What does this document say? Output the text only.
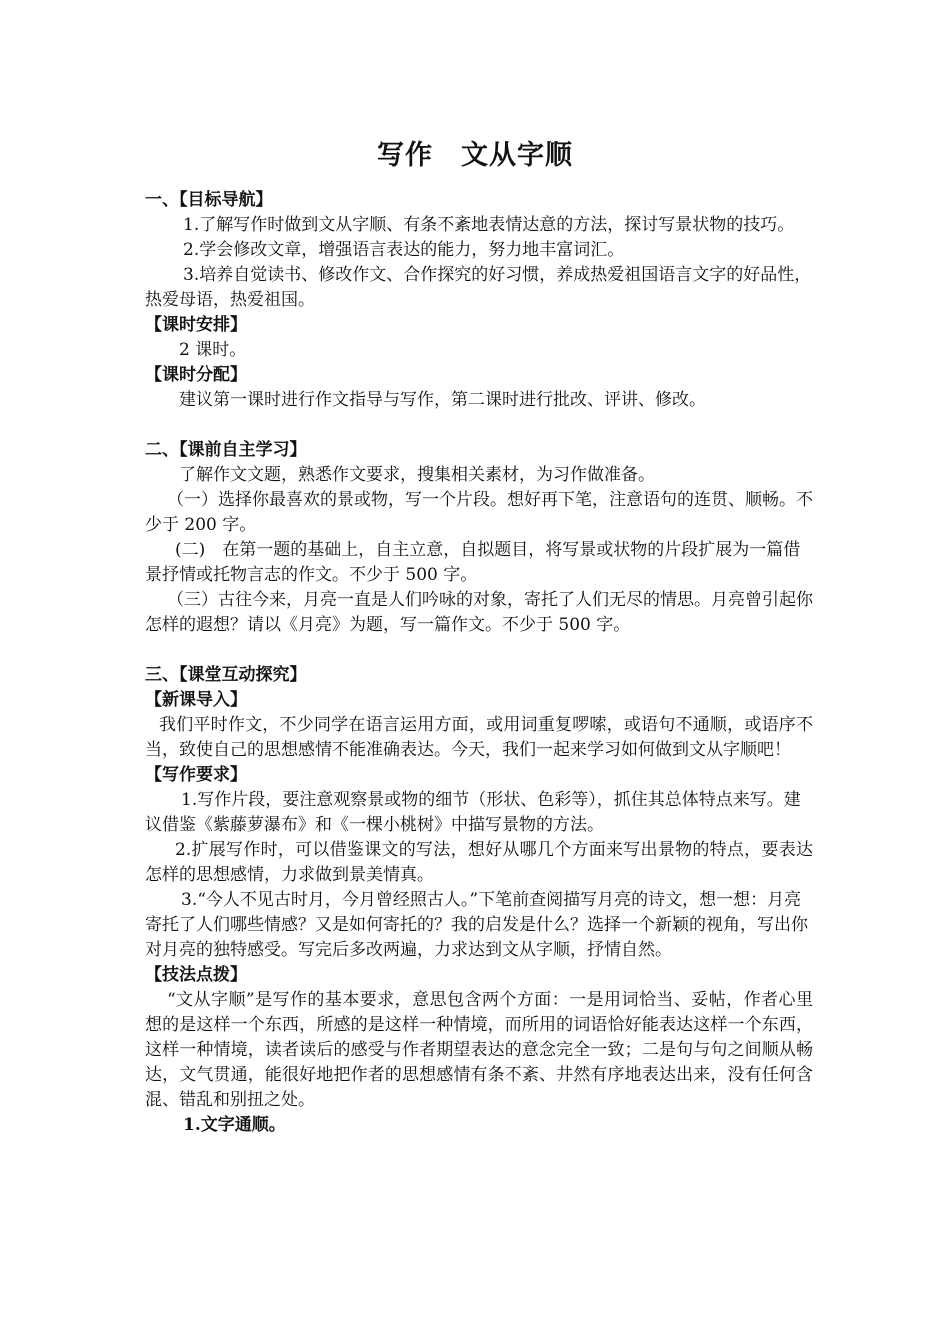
写作 文从字顺

一、【目标导航】

1.了解写作时做到文从字顺、有条不紊地表情达意的方法，探讨写景状物的技巧。

2.学会修改文章，增强语言表达的能力，努力地丰富词汇。

3.培养自觉读书、修改作文、合作探究的好习惯，养成热爱祖国语言文字的好品性，热爱母语，热爱祖国。

【课时安排】

2 课时。

【课时分配】

建议第一课时进行作文指导与写作，第二课时进行批改、评讲、修改。

二、【课前自主学习】

了解作文文题，熟悉作文要求，搜集相关素材，为习作做准备。

（一）选择你最喜欢的景或物，写一个片段。想好再下笔，注意语句的连贯、顺畅。不少于 200 字。

(二)　在第一题的基础上，自主立意，自拟题目，将写景或状物的片段扩展为一篇借景抒情或托物言志的作文。不少于 500 字。

（三）古往今来，月亮一直是人们吟咏的对象，寄托了人们无尽的情思。月亮曾引起你怎样的遐想？请以《月亮》为题，写一篇作文。不少于 500 字。

三、【课堂互动探究】

【新课导入】

我们平时作文，不少同学在语言运用方面，或用词重复啰嗦，或语句不通顺，或语序不当，致使自己的思想感情不能准确表达。今天，我们一起来学习如何做到文从字顺吧！

【写作要求】

1.写作片段，要注意观察景或物的细节（形状、色彩等），抓住其总体特点来写。建议借鉴《紫藤萝瀑布》和《一棵小桃树》中描写景物的方法。

2.扩展写作时，可以借鉴课文的写法，想好从哪几个方面来写出景物的特点，要表达怎样的思想感情，力求做到景美情真。

3.“今人不见古时月，今月曾经照古人。”下笔前查阅描写月亮的诗文，想一想：月亮寄托了人们哪些情感？又是如何寄托的？我的启发是什么？选择一个新颖的视角，写出你对月亮的独特感受。写完后多改两遍，力求达到文从字顺，抒情自然。

【技法点拨】

“文从字顺”是写作的基本要求，意思包含两个方面：一是用词恰当、妥帖，作者心里想的是这样一个东西，所感的是这样一种情境，而所用的词语恰好能表达这样一个东西，这样一种情境，读者读后的感受与作者期望表达的意念完全一致；二是句与句之间顺从畅达，文气贯通，能很好地把作者的思想感情有条不紊、井然有序地表达出来，没有任何含混、错乱和别扭之处。

1.文字通顺。
